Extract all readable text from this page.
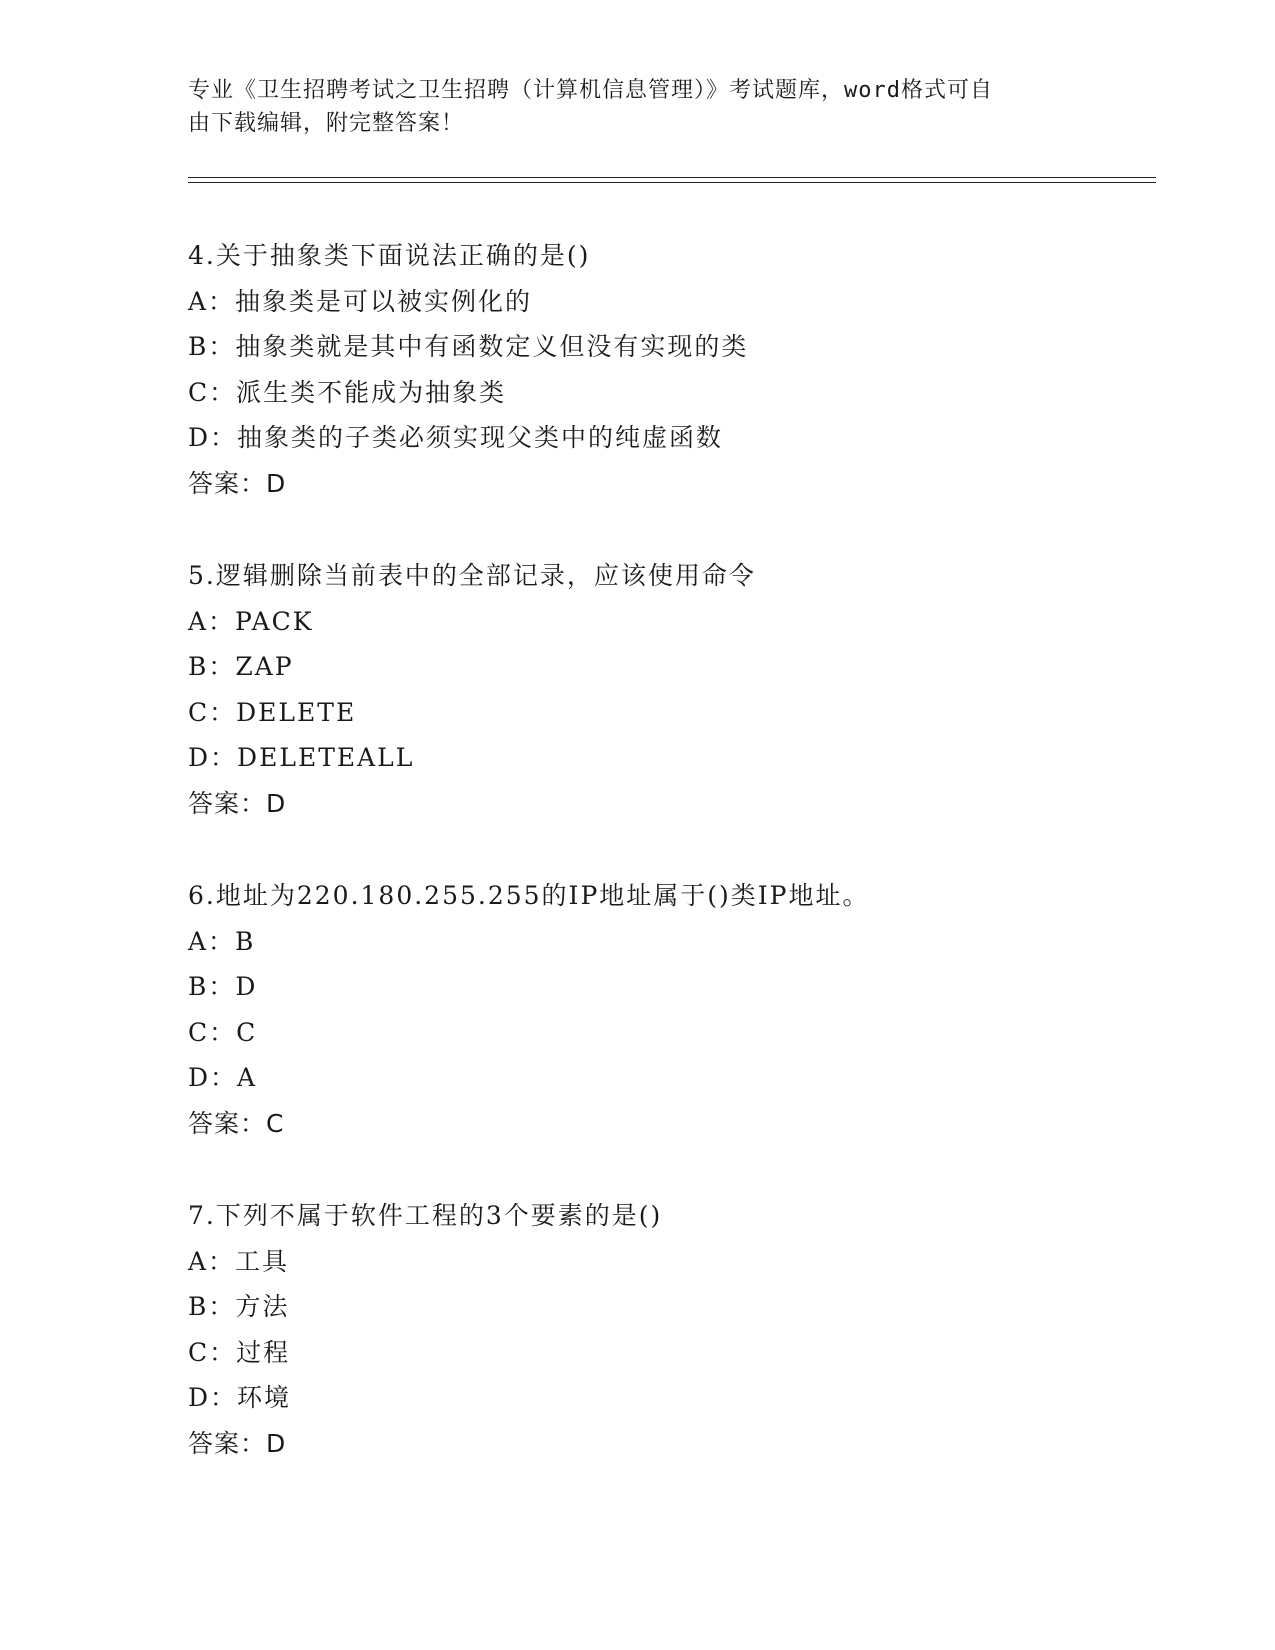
专业《卫生招聘考试之卫生招聘（计算机信息管理）》考试题库，word格式可自
由下载编辑，附完整答案！
4.关于抽象类下面说法正确的是()
A：抽象类是可以被实例化的
B：抽象类就是其中有函数定义但没有实现的类
C：派生类不能成为抽象类
D：抽象类的子类必须实现父类中的纯虚函数
答案：D
5.逻辑删除当前表中的全部记录，应该使用命令
A：PACK
B：ZAP
C：DELETE
D：DELETEALL
答案：D
6.地址为220.180.255.255的IP地址属于()类IP地址。
A：B
B：D
C：C
D：A
答案：C
7.下列不属于软件工程的3个要素的是()
A：工具
B：方法
C：过程
D：环境
答案：D
